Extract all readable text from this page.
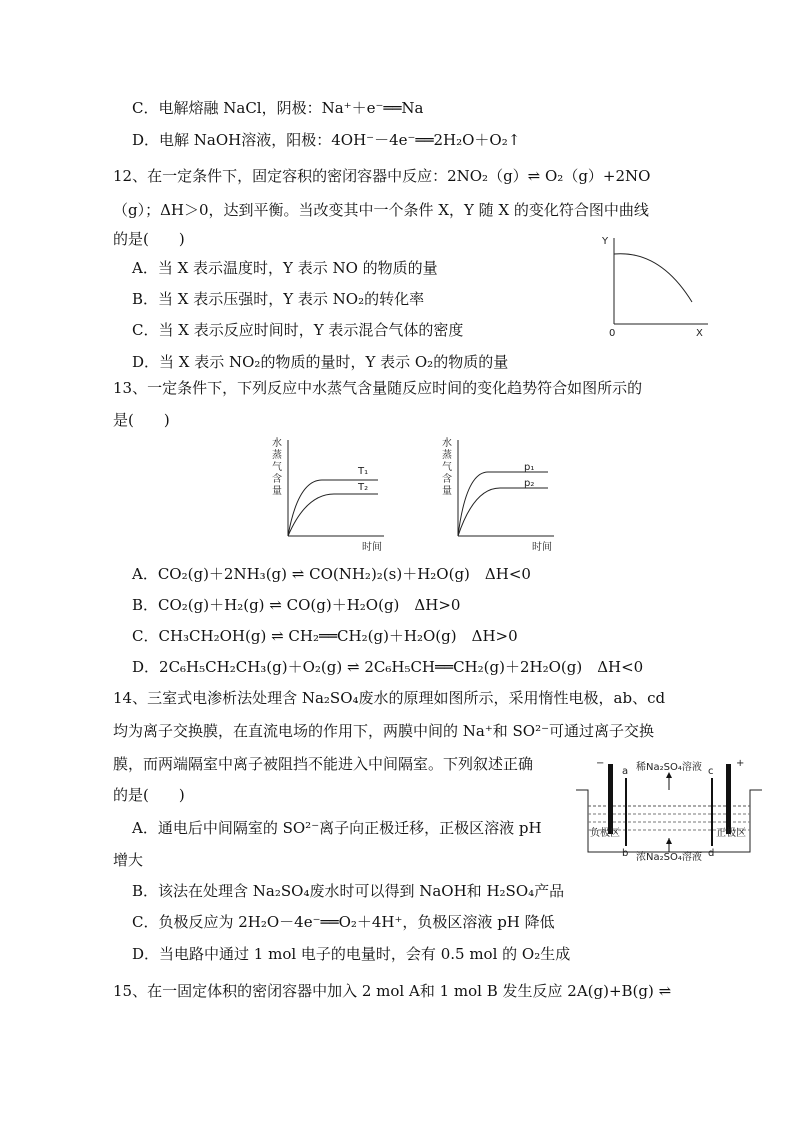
C．电解熔融 NaCl，阴极：Na⁺＋e⁻══Na
D．电解 NaOH溶液，阳极：4OH⁻－4e⁻══2H₂O＋O₂↑
12、在一定条件下，固定容积的密闭容器中反应：2NO₂（g）⇌ O₂（g）+2NO
（g）；ΔH＞0，达到平衡。当改变其中一个条件 X，Y 随 X 的变化符合图中曲线
的是(　　)
A．当 X 表示温度时，Y 表示 NO 的物质的量
B．当 X 表示压强时，Y 表示 NO₂的转化率
C．当 X 表示反应时间时，Y 表示混合气体的密度
D．当 X 表示 NO₂的物质的量时，Y 表示 O₂的物质的量
Y
0	X
13、一定条件下，下列反应中水蒸气含量随反应时间的变化趋势符合如图所示的
是(　　)
水
蒸
气
含
量
T₁
T₂
时间
水
蒸
气
含
量
p₁
p₂
时间
A．CO₂(g)＋2NH₃(g) ⇌ CO(NH₂)₂(s)＋H₂O(g)　ΔH<0
B．CO₂(g)＋H₂(g) ⇌ CO(g)＋H₂O(g)　ΔH>0
C．CH₃CH₂OH(g) ⇌ CH₂══CH₂(g)＋H₂O(g)　ΔH>0
D．2C₆H₅CH₂CH₃(g)＋O₂(g) ⇌ 2C₆H₅CH══CH₂(g)＋2H₂O(g)　ΔH<0
14、三室式电渗析法处理含 Na₂SO₄废水的原理如图所示，采用惰性电极，ab、cd
均为离子交换膜，在直流电场的作用下，两膜中间的 Na⁺和 SO²⁻可通过离子交换
膜，而两端隔室中离子被阻挡不能进入中间隔室。下列叙述正确
的是(　　)
A．通电后中间隔室的 SO²⁻离子向正极迁移，正极区溶液 pH
增大
B．该法在处理含 Na₂SO₄废水时可以得到 NaOH和 H₂SO₄产品
C．负极反应为 2H₂O－4e⁻══O₂＋4H⁺，负极区溶液 pH 降低
D．当电路中通过 1 mol 电子的电量时，会有 0.5 mol 的 O₂生成
−	+
a
b
c
d
稀Na₂SO₄溶液
浓Na₂SO₄溶液
负极区	正极区
15、在一固定体积的密闭容器中加入 2 mol A和 1 mol B 发生反应 2A(g)+B(g) ⇌
